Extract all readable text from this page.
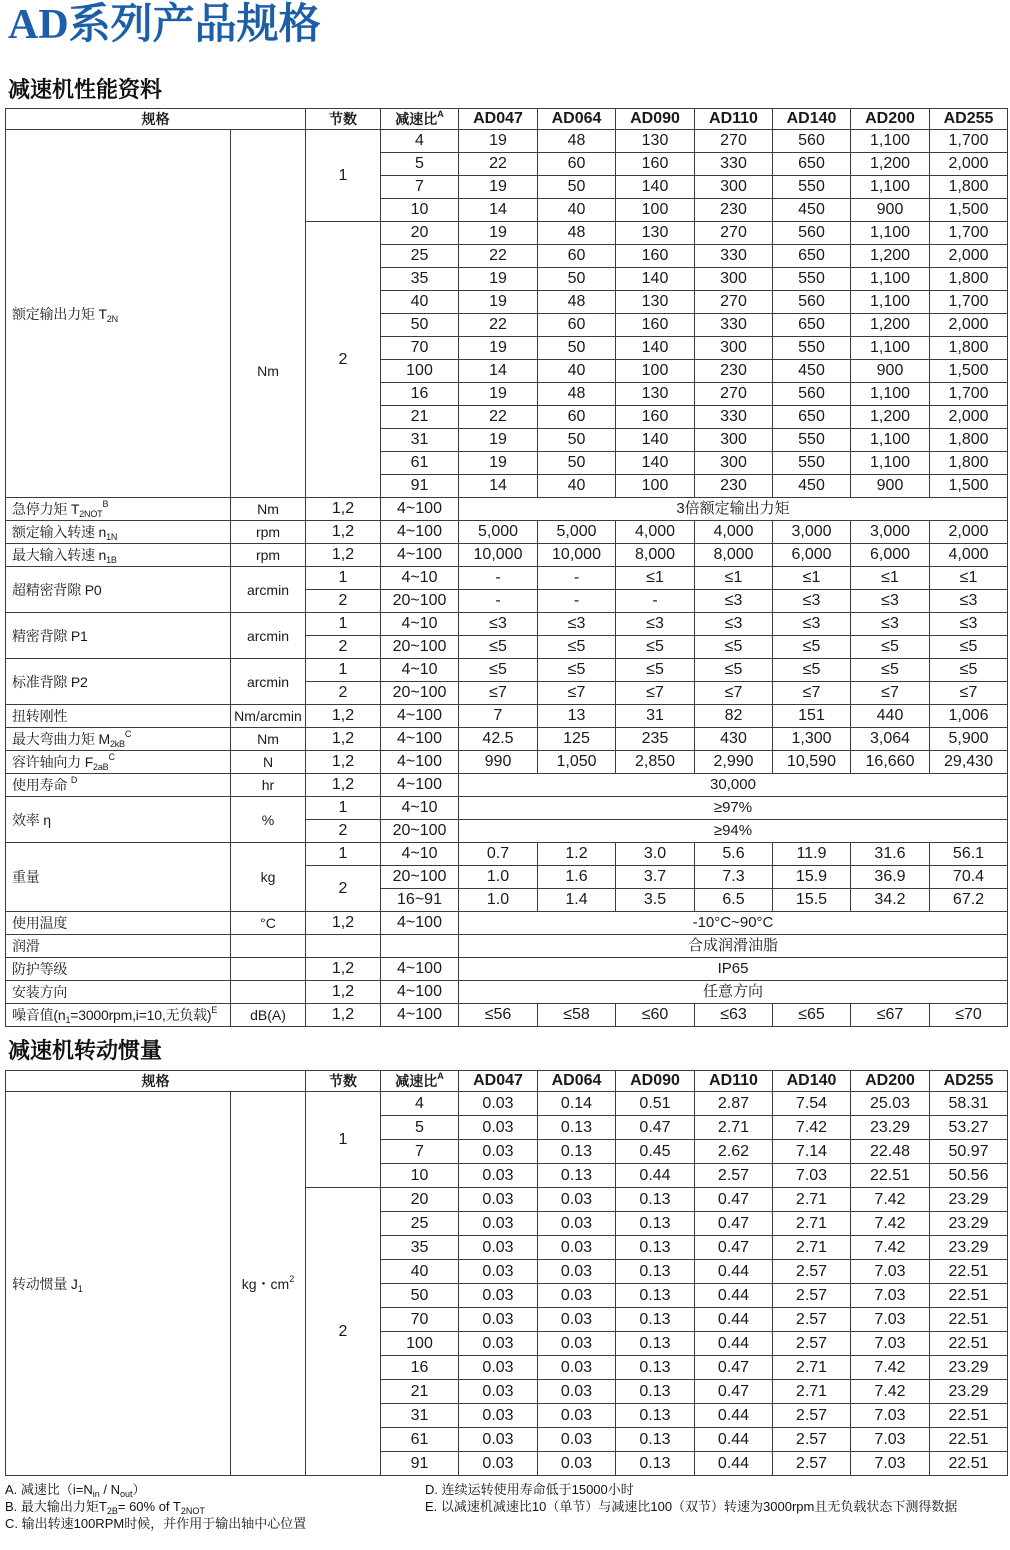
AD系列产品规格
减速机性能资料
规格		节数	减速比$^A$	AD047	AD064	AD090	AD110	AD140	AD200	AD255
额定输出力矩 $T_{2N}$	Nm	1	4	19	48	130	270	560	1,100	1,700
			5	22	60	160	330	650	1,200	2,000
			7	19	50	140	300	550	1,100	1,800
			10	14	40	100	230	450	900	1,500
		2	20	19	48	130	270	560	1,100	1,700
			25	22	60	160	330	650	1,200	2,000
			35	19	50	140	300	550	1,100	1,800
			40	19	48	130	270	560	1,100	1,700
			50	22	60	160	330	650	1,200	2,000
			70	19	50	140	300	550	1,100	1,800
			100	14	40	100	230	450	900	1,500
			16	19	48	130	270	560	1,100	1,700
			21	22	60	160	330	650	1,200	2,000
			31	19	50	140	300	550	1,100	1,800
			61	19	50	140	300	550	1,100	1,800
			91	14	40	100	230	450	900	1,500
急停力矩 $T_{2NOT}^B$	Nm	1,2	4~100	3倍额定输出力矩						
额定输入转速 $n_{1N}$	rpm	1,2	4~100	5,000	5,000	4,000	4,000	3,000	3,000	2,000
最大输入转速 $n_{1B}$	rpm	1,2	4~100	10,000	10,000	8,000	8,000	6,000	6,000	4,000
超精密背隙 P0	arcmin	1	4~10	-	-	≤1	≤1	≤1	≤1	≤1
		2	20~100	-	-	-	≤3	≤3	≤3	≤3
精密背隙 P1	arcmin	1	4~10	≤3	≤3	≤3	≤3	≤3	≤3	≤3
		2	20~100	≤5	≤5	≤5	≤5	≤5	≤5	≤5
标准背隙 P2	arcmin	1	4~10	≤5	≤5	≤5	≤5	≤5	≤5	≤5
		2	20~100	≤7	≤7	≤7	≤7	≤7	≤7	≤7
扭转刚性	Nm/arcmin	1,2	4~100	7	13	31	82	151	440	1,006
最大弯曲力矩 $M_{2kB}^C$	Nm	1,2	4~100	42.5	125	235	430	1,300	3,064	5,900
容许轴向力 $F_{2aB}^C$	N	1,2	4~100	990	1,050	2,850	2,990	10,590	16,660	29,430
使用寿命 $^D$	hr	1,2	4~100	30,000						
效率 η	%	1	4~10	≥97%						
		2	20~100	≥94%						
重量	kg	1	4~10	0.7	1.2	3.0	5.6	11.9	31.6	56.1
		2	20~100	1.0	1.6	3.7	7.3	15.9	36.9	70.4
			16~91	1.0	1.4	3.5	6.5	15.5	34.2	67.2
使用温度	°C	1,2	4~100	-10°C~90°C						
润滑				合成润滑油脂						
防护等级		1,2	4~100	IP65						
安装方向		1,2	4~100	任意方向						
噪音值($n_1=3000rpm,i=10$,无负载)$^E$	dB(A)	1,2	4~100	≤56	≤58	≤60	≤63	≤65	≤67	≤70
减速机转动惯量
规格		节数	减速比$^A$	AD047	AD064	AD090	AD110	AD140	AD200	AD255
转动惯量 $J_1$	kg・$cm^2$	1	4	0.03	0.14	0.51	2.87	7.54	25.03	58.31
			5	0.03	0.13	0.47	2.71	7.42	23.29	53.27
			7	0.03	0.13	0.45	2.62	7.14	22.48	50.97
			10	0.03	0.13	0.44	2.57	7.03	22.51	50.56
		2	20	0.03	0.03	0.13	0.47	2.71	7.42	23.29
			25	0.03	0.03	0.13	0.47	2.71	7.42	23.29
			35	0.03	0.03	0.13	0.47	2.71	7.42	23.29
			40	0.03	0.03	0.13	0.44	2.57	7.03	22.51
			50	0.03	0.03	0.13	0.44	2.57	7.03	22.51
			70	0.03	0.03	0.13	0.44	2.57	7.03	22.51
			100	0.03	0.03	0.13	0.44	2.57	7.03	22.51
			16	0.03	0.03	0.13	0.47	2.71	7.42	23.29
			21	0.03	0.03	0.13	0.47	2.71	7.42	23.29
			31	0.03	0.03	0.13	0.44	2.57	7.03	22.51
			61	0.03	0.03	0.13	0.44	2.57	7.03	22.51
			91	0.03	0.03	0.13	0.44	2.57	7.03	22.51
A. 减速比$(i=N_{in} / N_{out})$
B. 最大输出力矩$T_{2B}= 60\%$ of $T_{2NOT}$
C. 输出转速100RPM时候，并作用于输出轴中心位置
D. 连续运转使用寿命低于15000小时
E. 以减速机减速比10（单节）与减速比100（双节）转速为3000rpm且无负载状态下测得数据
